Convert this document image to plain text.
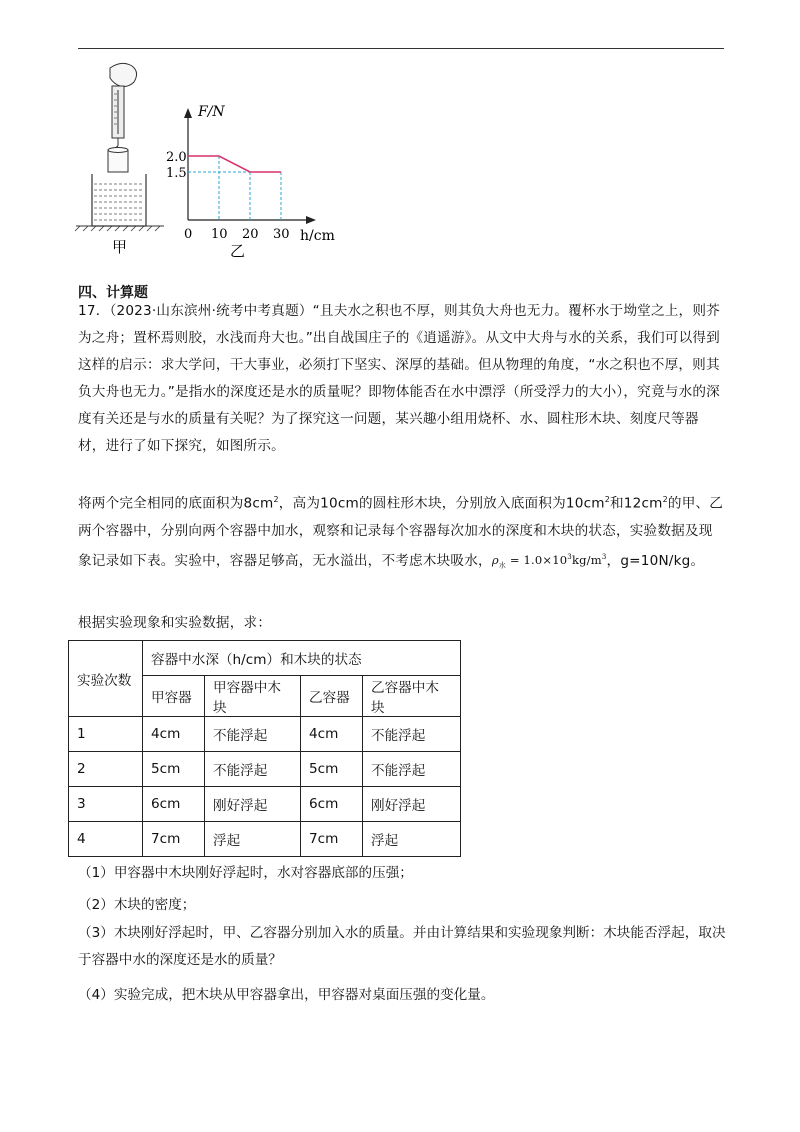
甲
F/N
h/cm
2.0
1.5
0 10 20 30
乙
四、计算题
17．（2023·山东滨州·统考中考真题）“且夫水之积也不厚，则其负大舟也无力。覆杯水于坳堂之上，则芥为之舟；置杯焉则胶，水浅而舟大也。”出自战国庄子的《逍遥游》。从文中大舟与水的关系，我们可以得到这样的启示：求大学问，干大事业，必须打下坚实、深厚的基础。但从物理的角度，“水之积也不厚，则其负大舟也无力。”是指水的深度还是水的质量呢？即物体能否在水中漂浮（所受浮力的大小），究竟与水的深度有关还是与水的质量有关呢？为了探究这一问题，某兴趣小组用烧杯、水、圆柱形木块、刻度尺等器材，进行了如下探究，如图所示。
将两个完全相同的底面积为$8cm^2$，高为10cm的圆柱形木块，分别放入底面积为$10cm^2$和$12cm^2$的甲、乙两个容器中，分别向两个容器中加水，观察和记录每个容器每次加水的深度和木块的状态，实验数据及现象记录如下表。实验中，容器足够高，无水溢出，不考虑木块吸水，$\rho_水 = 1.0\times 10^3kg/m^3$，g=10N/kg。
根据实验现象和实验数据，求：
实验次数	容器中水深（h/cm）和木块的状态			
	甲容器	甲容器中木块	乙容器	乙容器中木块
1	4cm	不能浮起	4cm	不能浮起
2	5cm	不能浮起	5cm	不能浮起
3	6cm	刚好浮起	6cm	刚好浮起
4	7cm	浮起	7cm	浮起
（1）甲容器中木块刚好浮起时，水对容器底部的压强；
（2）木块的密度；
（3）木块刚好浮起时，甲、乙容器分别加入水的质量。并由计算结果和实验现象判断：木块能否浮起，取决于容器中水的深度还是水的质量？
（4）实验完成，把木块从甲容器拿出，甲容器对桌面压强的变化量。
